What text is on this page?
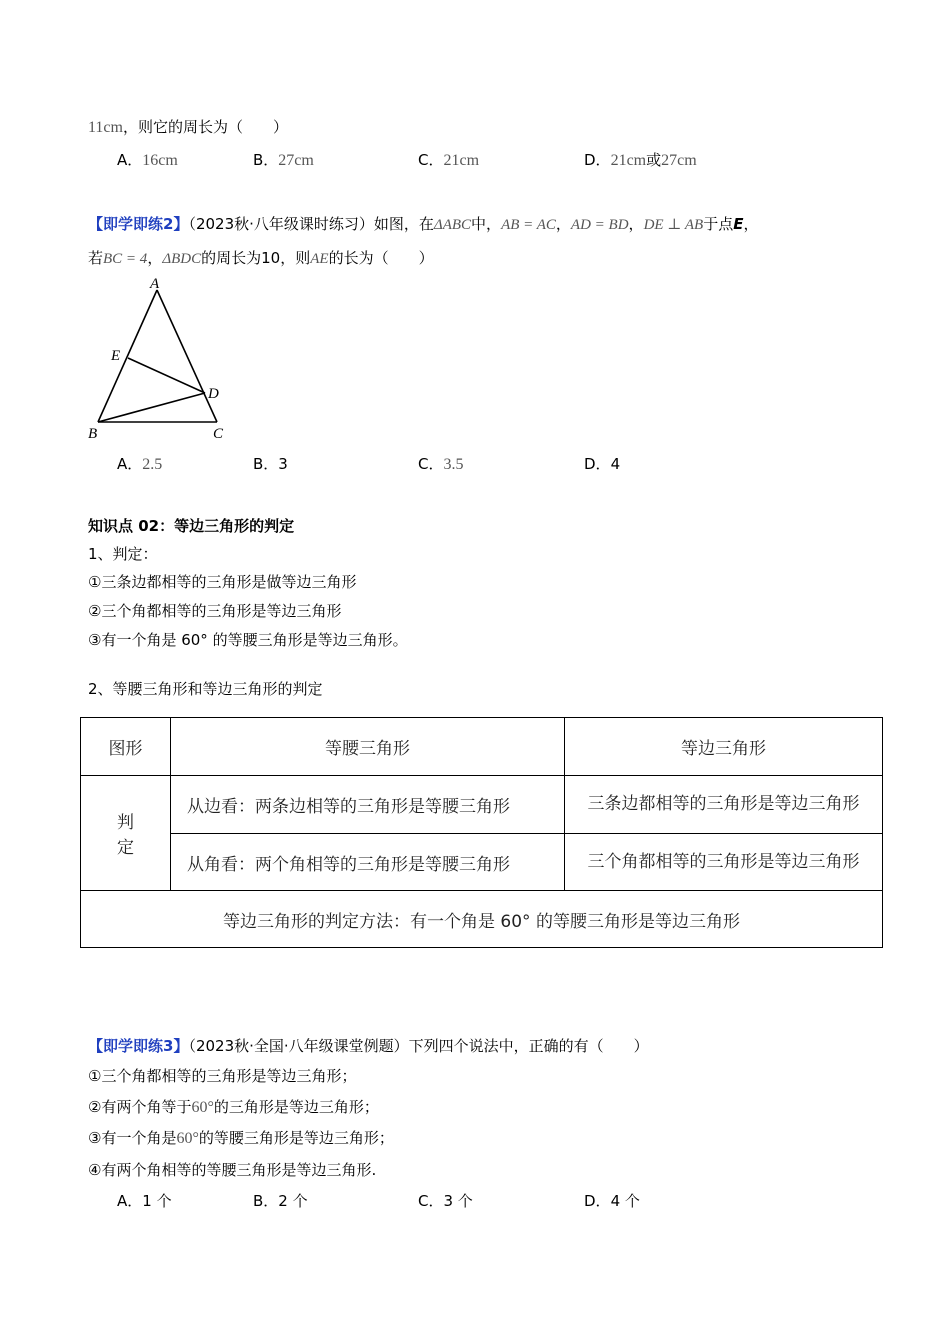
11cm，则它的周长为（　　）
A．16cm	B．27cm	C．21cm	D．21cm或27cm
【即学即练2】（2023秋·八年级课时练习）如图，在ΔABC中，AB = AC，AD = BD，DE ⊥ AB于点E，
若BC = 4，ΔBDC的周长为10，则AE的长为（　　）
A
B	C
D
E
A．2.5	B．3	C．3.5	D．4
知识点 02：等边三角形的判定
1、判定：
①三条边都相等的三角形是做等边三角形
②三个角都相等的三角形是等边三角形
③有一个角是 60° 的等腰三角形是等边三角形。
2、等腰三角形和等边三角形的判定
图形	等腰三角形	等边三角形

判
定	从边看：两条边相等的三角形是等腰三角形	三条边都相等的三角形是等边三角形
	从角看：两个角相等的三角形是等腰三角形	三个角都相等的三角形是等边三角形
等边三角形的判定方法：有一个角是 60° 的等腰三角形是等边三角形		
【即学即练3】（2023秋·全国·八年级课堂例题）下列四个说法中，正确的有（　　）
①三个角都相等的三角形是等边三角形；
②有两个角等于60°的三角形是等边三角形；
③有一个角是60°的等腰三角形是等边三角形；
④有两个角相等的等腰三角形是等边三角形.
A．1 个	B．2 个	C．3 个	D．4 个
